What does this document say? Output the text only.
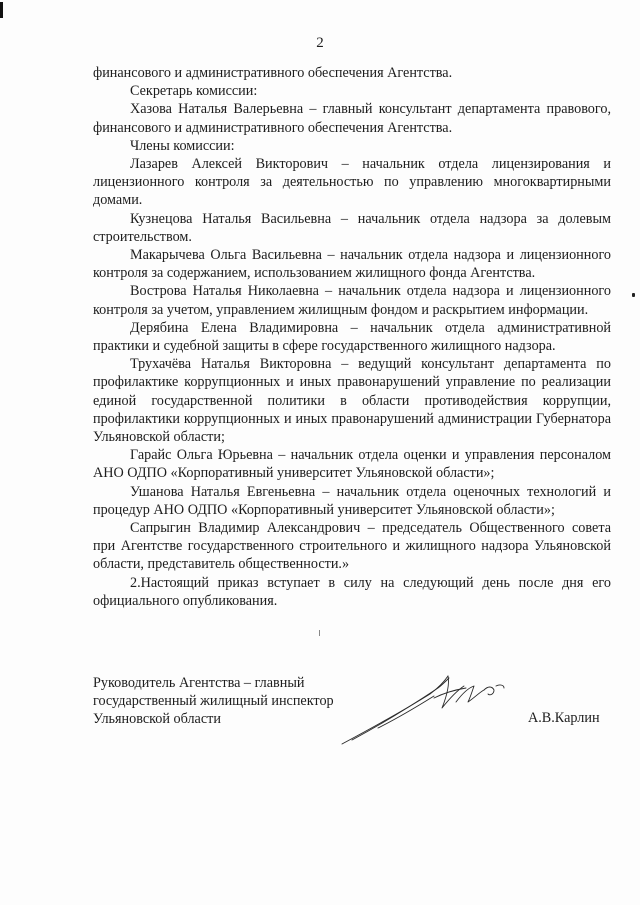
2

финансового и административного обеспечения Агентства.

Секретарь комиссии:

Хазова Наталья Валерьевна – главный консультант департамента правового, финансового и административного обеспечения Агентства.

Члены комиссии:

Лазарев Алексей Викторович – начальник отдела лицензирования и лицензионного контроля за деятельностью по управлению многоквартирными домами.

Кузнецова Наталья Васильевна – начальник отдела надзора за долевым строительством.

Макарычева Ольга Васильевна – начальник отдела надзора и лицензионного контроля за содержанием, использованием жилищного фонда Агентства.

Вострова Наталья Николаевна – начальник отдела надзора и лицензионного контроля за учетом, управлением жилищным фондом и раскрытием информации.

Дерябина Елена Владимировна – начальник отдела административной практики и судебной защиты в сфере государственного жилищного надзора.

Трухачёва Наталья Викторовна – ведущий консультант департамента по профилактике коррупционных и иных правонарушений управление по реализации единой государственной политики в области противодействия коррупции, профилактики коррупционных и иных правонарушений администрации Губернатора Ульяновской области;

Гарайс Ольга Юрьевна – начальник отдела оценки и управления персоналом АНО ОДПО «Корпоративный университет Ульяновской области»;

Ушанова Наталья Евгеньевна – начальник отдела оценочных технологий и процедур АНО ОДПО «Корпоративный университет Ульяновской области»;

Сапрыгин Владимир Александрович – председатель Общественного совета при Агентстве государственного строительного и жилищного надзора Ульяновской области, представитель общественности.»

2.Настоящий приказ вступает в силу на следующий день после дня его официального опубликования.

Руководитель Агентства – главный
государственный жилищный инспектор
Ульяновской области	А.В.Карлин
